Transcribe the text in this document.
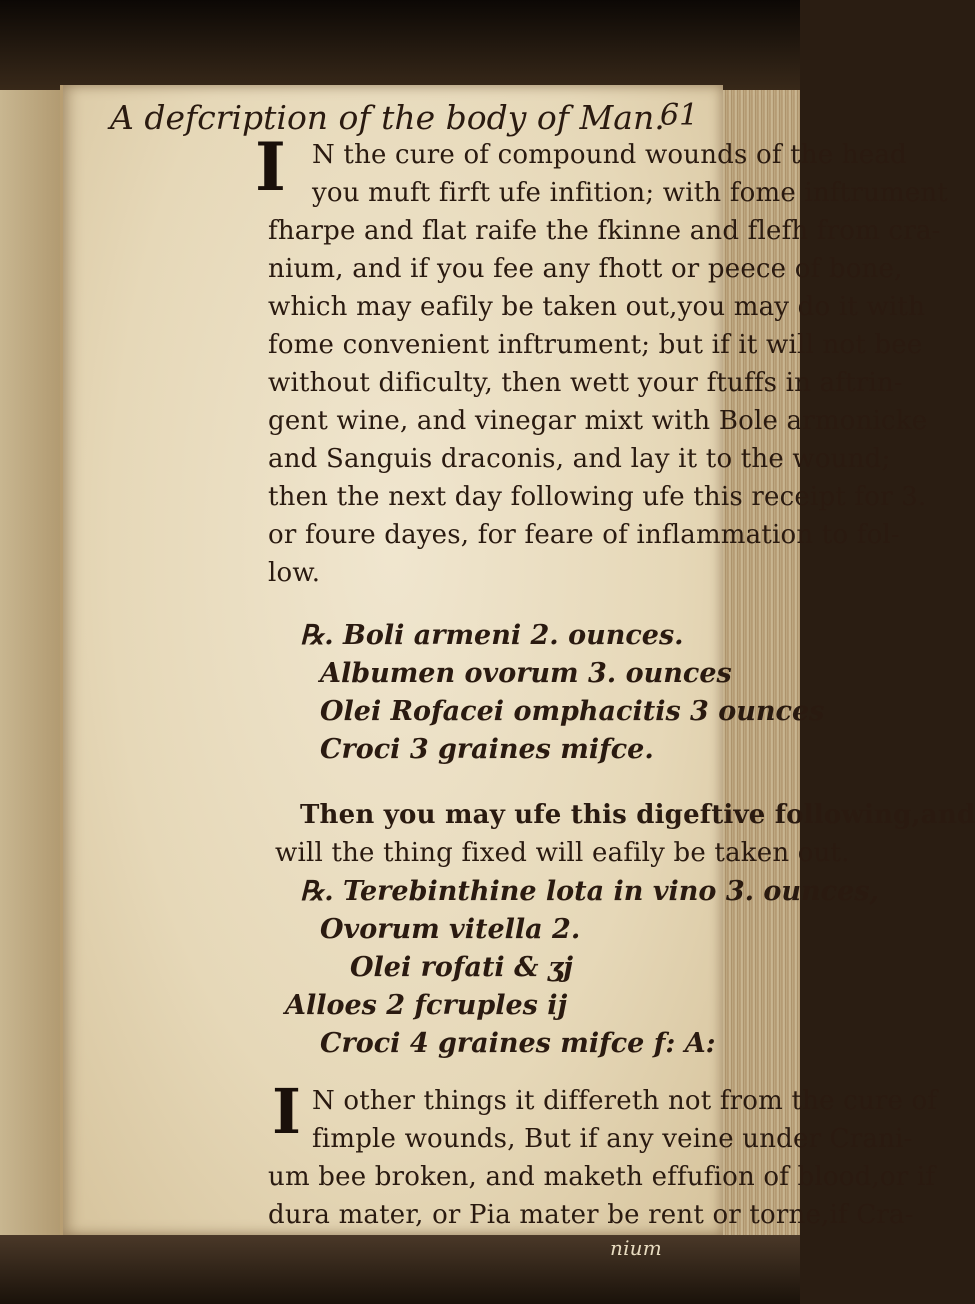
A defcription of the body of Man.
61
I	N the cure of compound wounds of the head
you muft firft ufe infition; with fome inftrument
fharpe and flat raife the fkinne and flefh from cra-
nium, and if you fee any fhott or peece of bone,
which may eafily be taken out,you may do it with
fome convenient inftrument; but if it will not bee
without dificulty, then wett your ftuffs in aftrin-
gent wine, and vinegar mixt with Bole armonicke
and Sanguis draconis, and lay it to the wound;
then the next day following ufe this receipt for 3.
or foure dayes, for feare of inflammation to fol-
low.
℞. Boli armeni 2. ounces.
Albumen ovorum 3. ounces
Olei Rofacei omphacitis 3 ounces
Croci 3 graines mifce.
Then you may ufe this digeftive following,and
will the thing fixed will eafily be taken out.
℞. Terebinthine lota in vino 3. ounces,
Ovorum vitella 2.
Olei rofati & ʒj
Alloes 2 fcruples ij
Croci 4 graines mifce f: A:
I N other things it differeth not from the cure of
fimple wounds, But if any veine under Crani-
um bee broken, and maketh effufion of blood,or if
dura mater, or Pia mater be rent or torne,if Cra-
nium
